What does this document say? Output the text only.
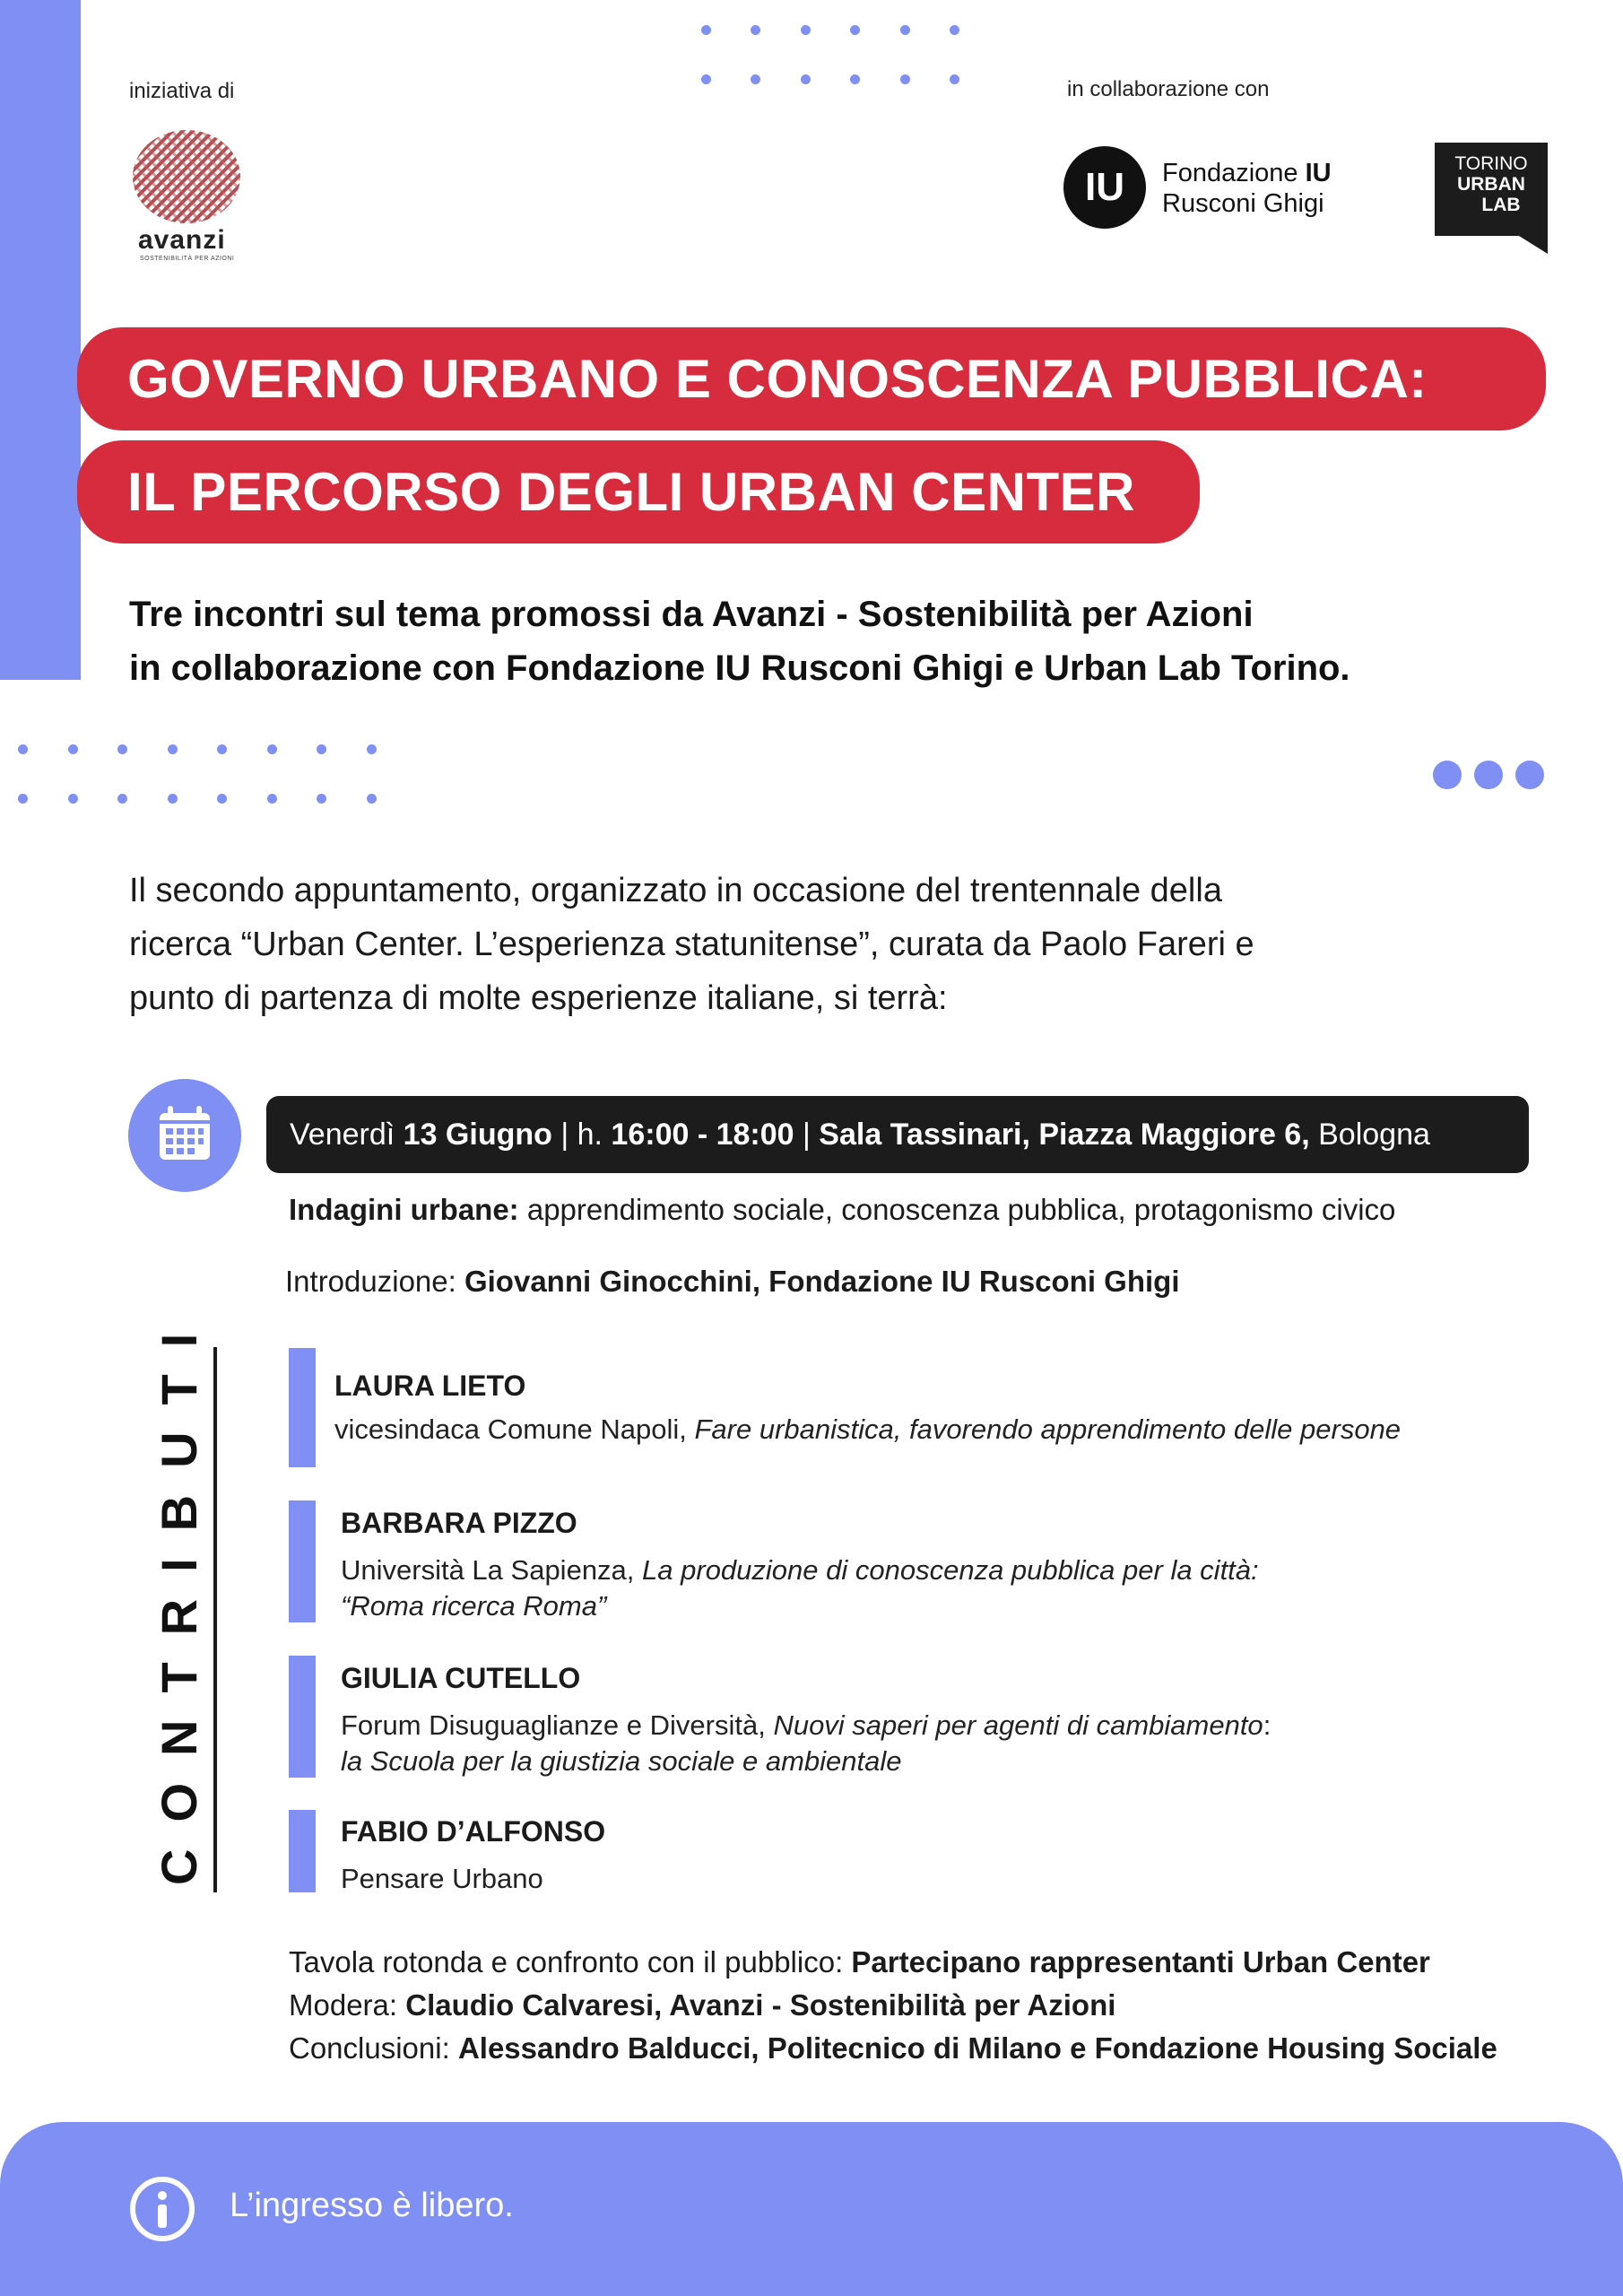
iniziativa di	in collaborazione con
avanzi
SOSTENIBILITÀ PER AZIONI
IU Fondazione IU
Rusconi Ghigi
TORINO
URBAN
LAB
GOVERNO URBANO E CONOSCENZA PUBBLICA:
IL PERCORSO DEGLI URBAN CENTER
Tre incontri sul tema promossi da Avanzi - Sostenibilità per Azioni
in collaborazione con Fondazione IU Rusconi Ghigi e Urban Lab Torino.
Il secondo appuntamento, organizzato in occasione del trentennale della
ricerca “Urban Center. L’esperienza statunitense”, curata da Paolo Fareri e
punto di partenza di molte esperienze italiane, si terrà:
Venerdì 13 Giugno | h. 16:00 - 18:00 | Sala Tassinari, Piazza Maggiore 6, Bologna
Indagini urbane: apprendimento sociale, conoscenza pubblica, protagonismo civico
Introduzione: Giovanni Ginocchini, Fondazione IU Rusconi Ghigi
CONTRIBUTI	LAURA LIETO
vicesindaca Comune Napoli, Fare urbanistica, favorendo apprendimento delle persone
BARBARA PIZZO
Università La Sapienza, La produzione di conoscenza pubblica per la città:
“Roma ricerca Roma”
GIULIA CUTELLO
Forum Disuguaglianze e Diversità, Nuovi saperi per agenti di cambiamento:
la Scuola per la giustizia sociale e ambientale
FABIO D’ALFONSO
Pensare Urbano
Tavola rotonda e confronto con il pubblico: Partecipano rappresentanti Urban Center
Modera: Claudio Calvaresi, Avanzi - Sostenibilità per Azioni
Conclusioni: Alessandro Balducci, Politecnico di Milano e Fondazione Housing Sociale
L’ingresso è libero.
